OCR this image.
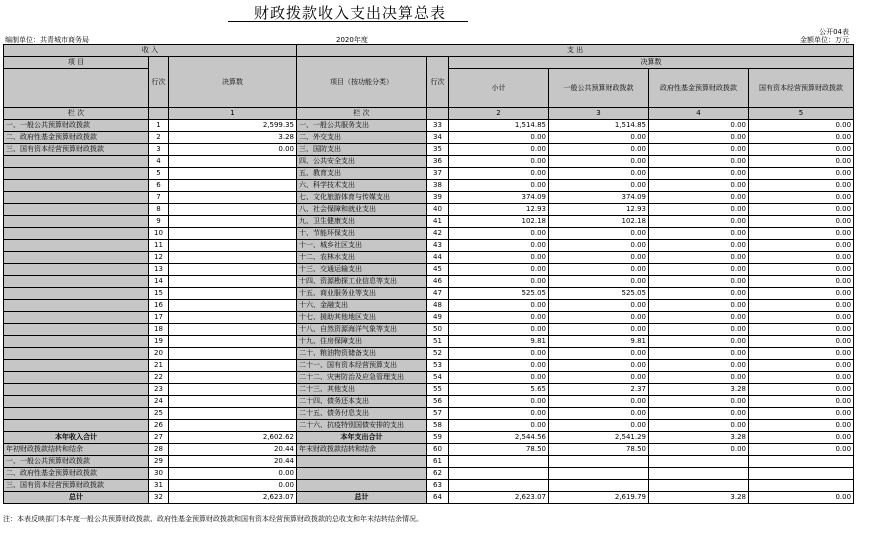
财政拨款收入支出决算总表
公开04表
编制单位：共青城市商务局	2020年度	金额单位：万元
收 入			支 出					
项 目	行次	决算数	项目（按功能分类）	行次	决算数			
					小计	一般公共预算财政拨款	政府性基金预算财政拨款	国有资本经营预算财政拨款
栏 次		1	栏 次		2	3	4	5
一、一般公共预算财政拨款	1	2,599.35	一、一般公共服务支出	33	1,514.85	1,514.85	0.00	0.00
二、政府性基金预算财政拨款	2	3.28	二、外交支出	34	0.00	0.00	0.00	0.00
三、国有资本经营预算财政拨款	3	0.00	三、国防支出	35	0.00	0.00	0.00	0.00
	4		四、公共安全支出	36	0.00	0.00	0.00	0.00
	5		五、教育支出	37	0.00	0.00	0.00	0.00
	6		六、科学技术支出	38	0.00	0.00	0.00	0.00
	7		七、文化旅游体育与传媒支出	39	374.09	374.09	0.00	0.00
	8		八、社会保障和就业支出	40	12.93	12.93	0.00	0.00
	9		九、卫生健康支出	41	102.18	102.18	0.00	0.00
	10		十、节能环保支出	42	0.00	0.00	0.00	0.00
	11		十一、城乡社区支出	43	0.00	0.00	0.00	0.00
	12		十二、农林水支出	44	0.00	0.00	0.00	0.00
	13		十三、交通运输支出	45	0.00	0.00	0.00	0.00
	14		十四、资源勘探工业信息等支出	46	0.00	0.00	0.00	0.00
	15		十五、商业服务业等支出	47	525.05	525.05	0.00	0.00
	16		十六、金融支出	48	0.00	0.00	0.00	0.00
	17		十七、援助其他地区支出	49	0.00	0.00	0.00	0.00
	18		十八、自然资源海洋气象等支出	50	0.00	0.00	0.00	0.00
	19		十九、住房保障支出	51	9.81	9.81	0.00	0.00
	20		二十、粮油物资储备支出	52	0.00	0.00	0.00	0.00
	21		二十一、国有资本经营预算支出	53	0.00	0.00	0.00	0.00
	22		二十二、灾害防治及应急管理支出	54	0.00	0.00	0.00	0.00
	23		二十三、其他支出	55	5.65	2.37	3.28	0.00
	24		二十四、债务还本支出	56	0.00	0.00	0.00	0.00
	25		二十五、债务付息支出	57	0.00	0.00	0.00	0.00
	26		二十六、抗疫特别国债安排的支出	58	0.00	0.00	0.00	0.00
本年收入合计	27	2,602.62	本年支出合计	59	2,544.56	2,541.29	3.28	0.00
年初财政拨款结转和结余	28	20.44	年末财政拨款结转和结余	60	78.50	78.50	0.00	0.00
一、一般公共预算财政拨款	29	20.44		61				
二、政府性基金预算财政拨款	30	0.00		62				
三、国有资本经营预算财政拨款	31	0.00		63				
总计	32	2,623.07	总计	64	2,623.07	2,619.79	3.28	0.00
注：本表反映部门本年度一般公共预算财政拨款、政府性基金预算财政拨款和国有资本经营预算财政拨款的总收支和年末结转结余情况。
